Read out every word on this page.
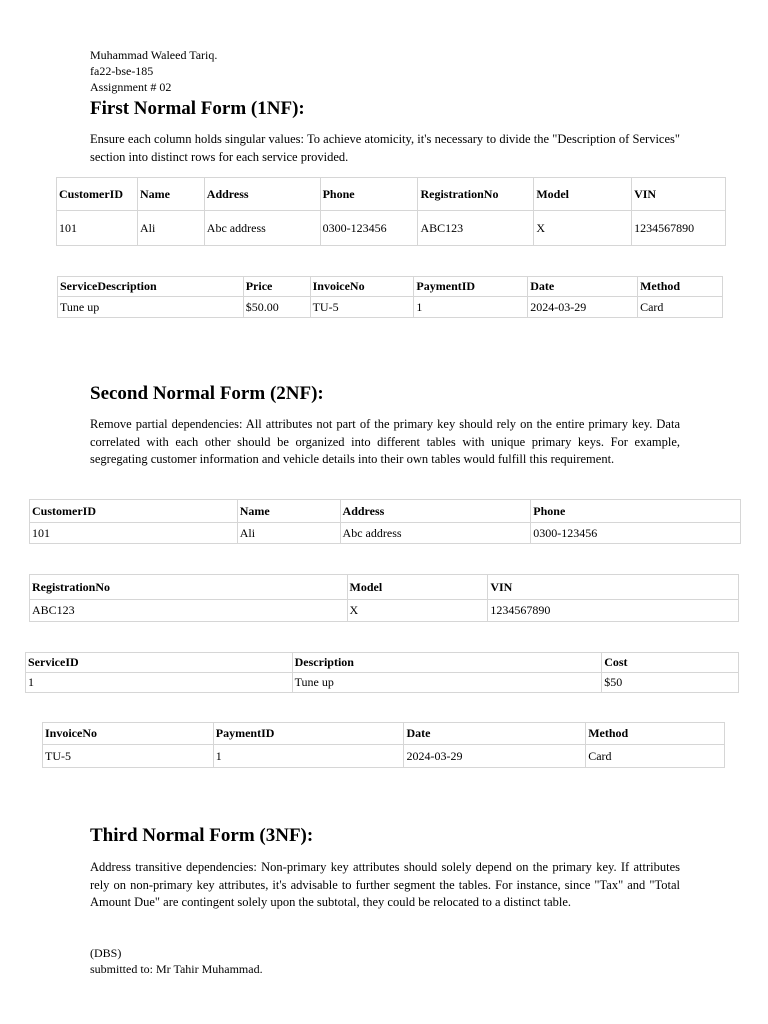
Muhammad Waleed Tariq.
fa22-bse-185
Assignment # 02
First Normal Form (1NF):

Ensure each column holds singular values: To achieve atomicity, it's necessary to divide the "Description of Services" section into distinct rows for each service provided.

CustomerID	Name	Address	Phone	RegistrationNo	Model	VIN
101	Ali	Abc address	0300-123456	ABC123	X	1234567890
ServiceDescription	Price	InvoiceNo	PaymentID	Date	Method
Tune up	$50.00	TU-5	1	2024-03-29	Card
Second Normal Form (2NF):

Remove partial dependencies: All attributes not part of the primary key should rely on the entire primary key. Data correlated with each other should be organized into different tables with unique primary keys. For example, segregating customer information and vehicle details into their own tables would fulfill this requirement.

CustomerID	Name	Address	Phone
101	Ali	Abc address	0300-123456
RegistrationNo	Model	VIN
ABC123	X	1234567890
ServiceID	Description	Cost
1	Tune up	$50
InvoiceNo	PaymentID	Date	Method
TU-5	1	2024-03-29	Card
Third Normal Form (3NF):

Address transitive dependencies: Non-primary key attributes should solely depend on the primary key. If attributes rely on non-primary key attributes, it's advisable to further segment the tables. For instance, since "Tax" and "Total Amount Due" are contingent solely upon the subtotal, they could be relocated to a distinct table.

(DBS)
submitted to: Mr Tahir Muhammad.
